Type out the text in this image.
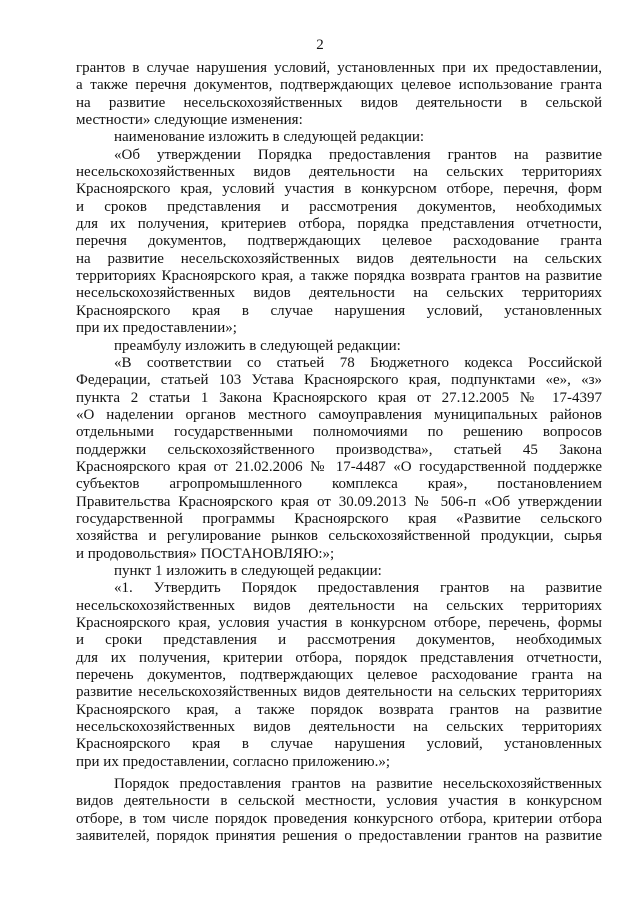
2

грантов в случае нарушения условий, установленных при их предоставлении,

а также перечня документов, подтверждающих целевое использование гранта

на развитие несельскохозяйственных видов деятельности в сельской

местности» следующие изменения:

наименование изложить в следующей редакции:

«Об утверждении Порядка предоставления грантов на развитие

несельскохозяйственных видов деятельности на сельских территориях

Красноярского края, условий участия в конкурсном отборе, перечня, форм

и сроков представления и рассмотрения документов, необходимых

для их получения, критериев отбора, порядка представления отчетности,

перечня документов, подтверждающих целевое расходование гранта

на развитие несельскохозяйственных видов деятельности на сельских

территориях Красноярского края, а также порядка возврата грантов на развитие

несельскохозяйственных видов деятельности на сельских территориях

Красноярского края в случае нарушения условий, установленных

при их предоставлении»;

преамбулу изложить в следующей редакции:

«В соответствии со статьей 78 Бюджетного кодекса Российской

Федерации, статьей 103 Устава Красноярского края, подпунктами «е», «з»

пункта 2 статьи 1 Закона Красноярского края от 27.12.2005 № 17-4397

«О наделении органов местного самоуправления муниципальных районов

отдельными государственными полномочиями по решению вопросов

поддержки сельскохозяйственного производства», статьей 45 Закона

Красноярского края от 21.02.2006 № 17-4487 «О государственной поддержке

субъектов агропромышленного комплекса края», постановлением

Правительства Красноярского края от 30.09.2013 № 506-п «Об утверждении

государственной программы Красноярского края «Развитие сельского

хозяйства и регулирование рынков сельскохозяйственной продукции, сырья

и продовольствия» ПОСТАНОВЛЯЮ:»;

пункт 1 изложить в следующей редакции:

«1. Утвердить Порядок предоставления грантов на развитие

несельскохозяйственных видов деятельности на сельских территориях

Красноярского края, условия участия в конкурсном отборе, перечень, формы

и сроки представления и рассмотрения документов, необходимых

для их получения, критерии отбора, порядок представления отчетности,

перечень документов, подтверждающих целевое расходование гранта на

развитие несельскохозяйственных видов деятельности на сельских территориях

Красноярского края, а также порядок возврата грантов на развитие

несельскохозяйственных видов деятельности на сельских территориях

Красноярского края в случае нарушения условий, установленных

при их предоставлении, согласно приложению.»;

Порядок предоставления грантов на развитие несельскохозяйственных

видов деятельности в сельской местности, условия участия в конкурсном

отборе, в том числе порядок проведения конкурсного отбора, критерии отбора

заявителей, порядок принятия решения о предоставлении грантов на развитие
